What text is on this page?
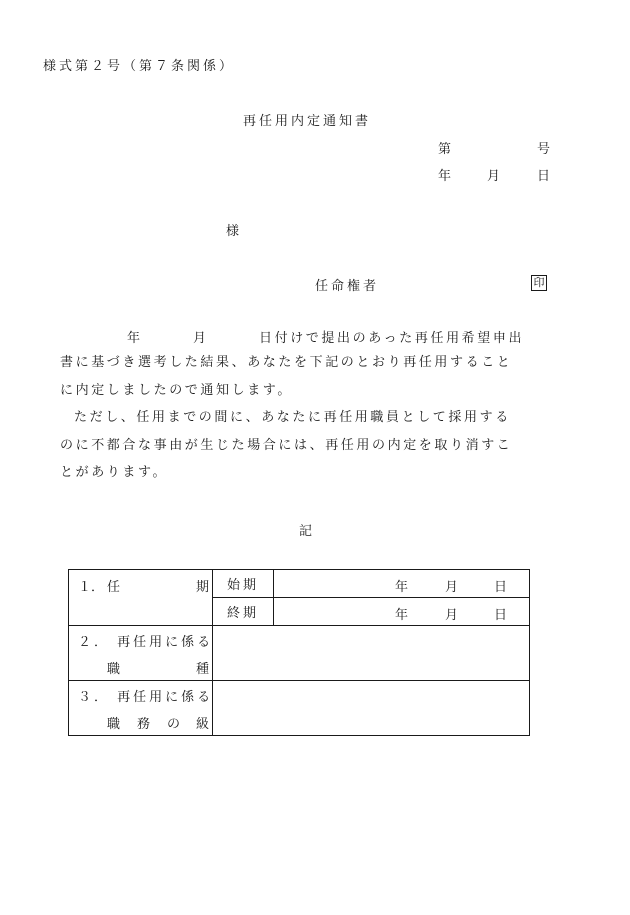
様式第２号（第７条関係）
再任用内定通知書
第	号
年	月	日
様
任命権者	印
年	月	日付けで提出のあった再任用希望申出
書に基づき選考した結果、あなたを下記のとおり再任用すること
に内定しましたので通知します。
ただし、任用までの間に、あなたに再任用職員として採用する
のに不都合な事由が生じた場合には、再任用の内定を取り消すこ
とがあります。
記
１． 任 期	始期	年 月 日

	終期	年 月 日

２． 再任用に係る
職 種		

３． 再任用に係る
職 務 の 級		
